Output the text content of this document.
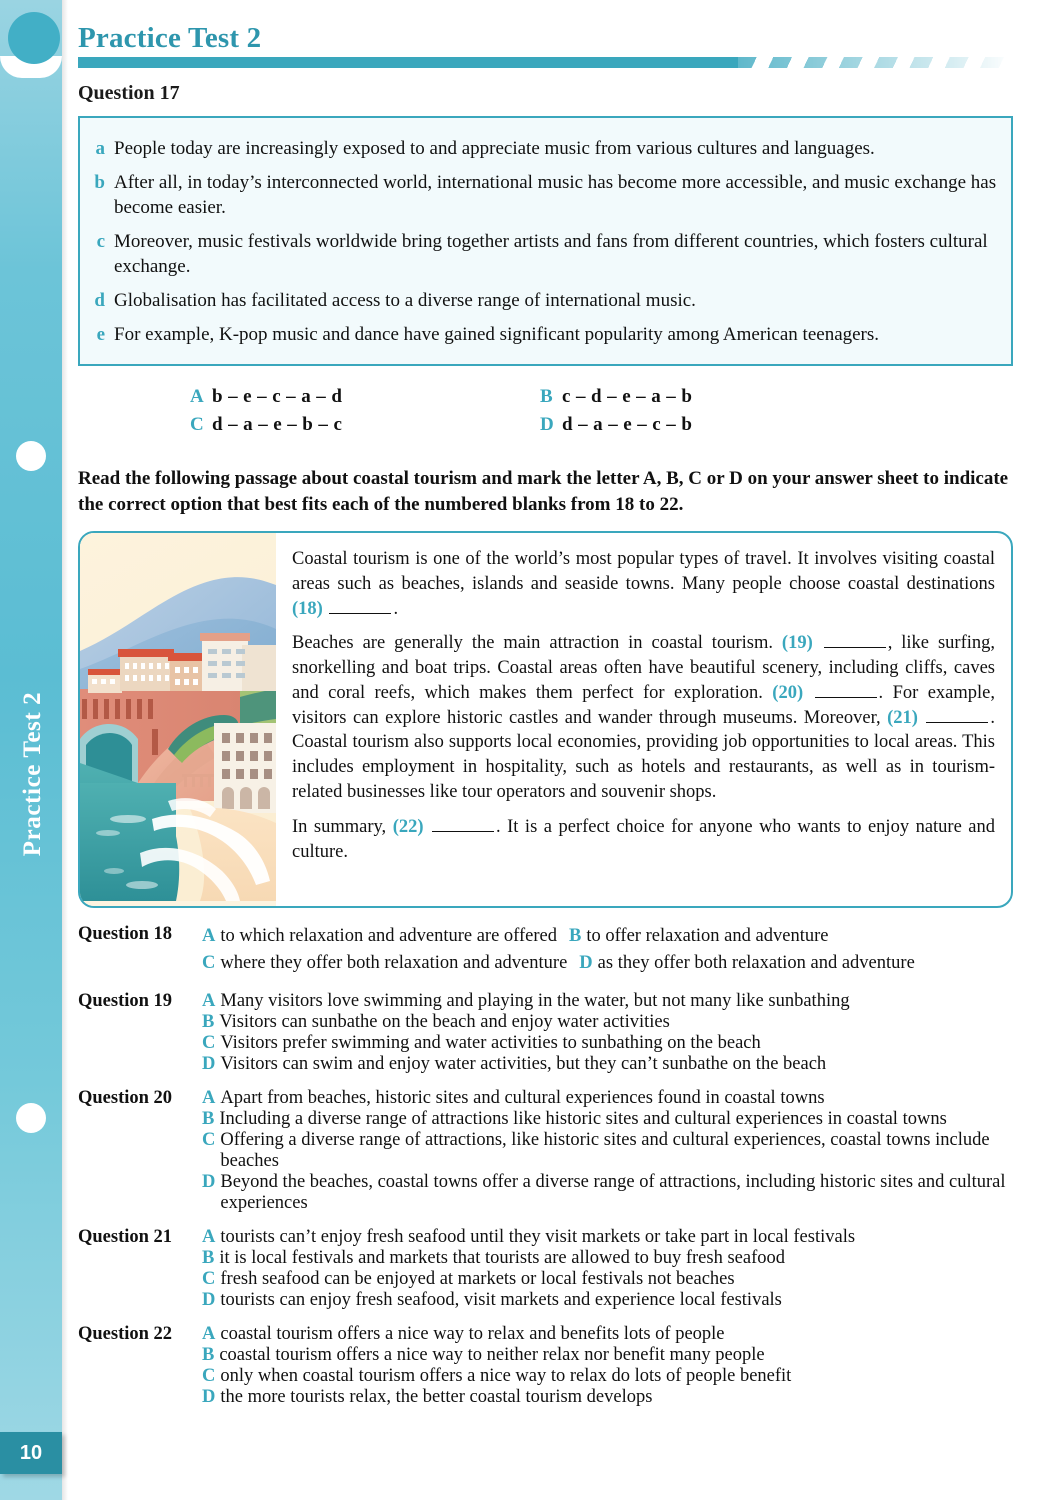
Practice Test 2
10
Practice Test 2
Question 17
a People today are increasingly exposed to and appreciate music from various cultures and languages.
b After all, in today’s interconnected world, international music has become more accessible, and music exchange has become easier.
c Moreover, music festivals worldwide bring together artists and fans from different countries, which fosters cultural exchange.
d Globalisation has facilitated access to a diverse range of international music.
e For example, K-pop music and dance have gained significant popularity among American teenagers.
A b – e – c – a – d	B c – d – e – a – b
C d – a – e – b – c	D d – a – e – c – b
Read the following passage about coastal tourism and mark the letter A, B, C or D on your answer sheet to indicate the correct option that best fits each of the numbered blanks from 18 to 22.

Coastal tourism is one of the world’s most popular types of travel. It involves visiting coastal areas such as beaches, islands and seaside towns. Many people choose coastal destinations (18)	.

Beaches are generally the main attraction in coastal tourism. (19)	, like surfing, snorkelling and boat trips. Coastal areas often have beautiful scenery, including cliffs, caves and coral reefs, which makes them perfect for exploration. (20)	. For example, visitors can explore historic castles and wander through museums. Moreover, (21)	. Coastal tourism also supports local economies, providing job opportunities to local areas. This includes employment in hospitality, such as hotels and restaurants, as well as in tourism-related businesses like tour operators and souvenir shops.

In summary, (22)	. It is a perfect choice for anyone who wants to enjoy nature and culture.

Question 18	A to which relaxation and adventure are offered B to offer relaxation and adventure
C where they offer both relaxation and adventure D as they offer both relaxation and adventure
Question 19	A Many visitors love swimming and playing in the water, but not many like sunbathing
B Visitors can sunbathe on the beach and enjoy water activities
C Visitors prefer swimming and water activities to sunbathing on the beach
D Visitors can swim and enjoy water activities, but they can’t sunbathe on the beach
Question 20	A Apart from beaches, historic sites and cultural experiences found in coastal towns
B Including a diverse range of attractions like historic sites and cultural experiences in coastal towns
C Offering a diverse range of attractions, like historic sites and cultural experiences, coastal towns include beaches
D Beyond the beaches, coastal towns offer a diverse range of attractions, including historic sites and cultural experiences
Question 21	A tourists can’t enjoy fresh seafood until they visit markets or take part in local festivals
B it is local festivals and markets that tourists are allowed to buy fresh seafood
C fresh seafood can be enjoyed at markets or local festivals not beaches
D tourists can enjoy fresh seafood, visit markets and experience local festivals
Question 22	A coastal tourism offers a nice way to relax and benefits lots of people
B coastal tourism offers a nice way to neither relax nor benefit many people
C only when coastal tourism offers a nice way to relax do lots of people benefit
D the more tourists relax, the better coastal tourism develops
